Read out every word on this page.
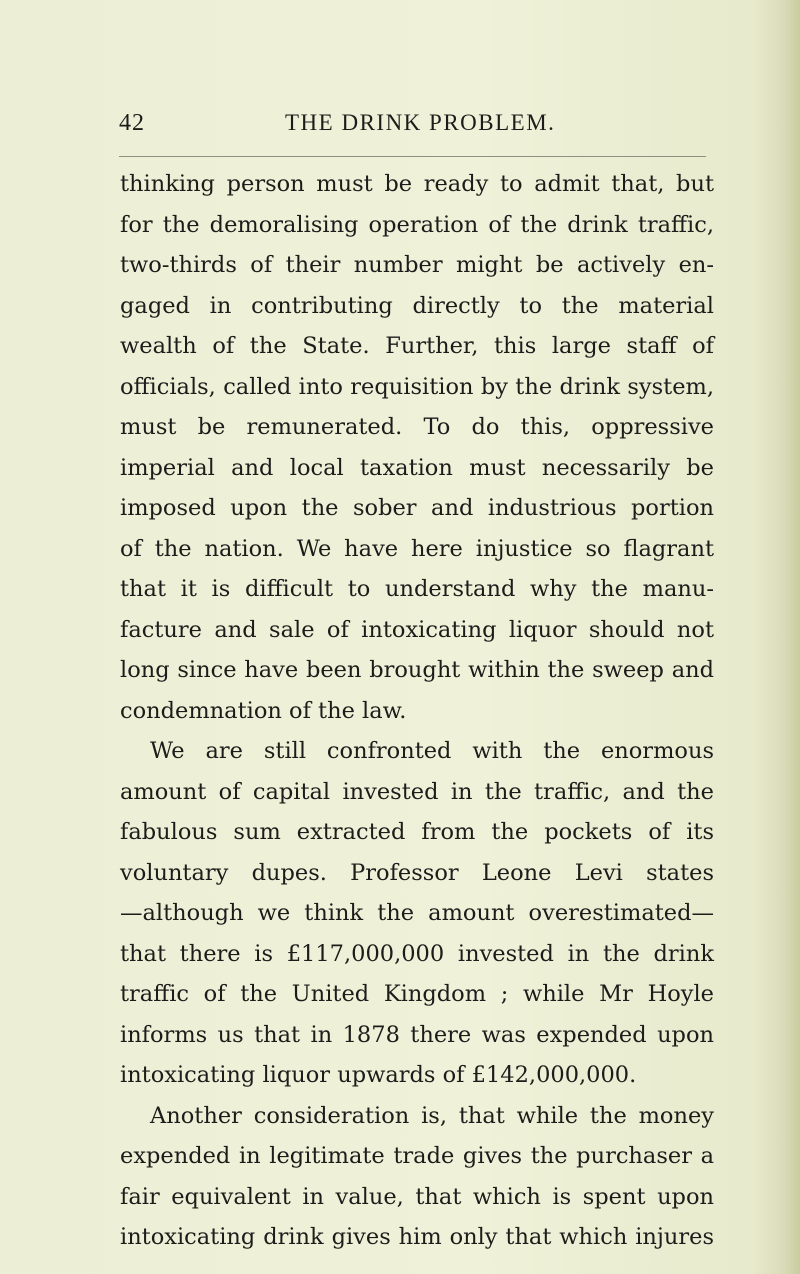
42	THE DRINK PROBLEM.
thinking person must be ready to admit that, but
for the demoralising operation of the drink traffic,
two-thirds of their number might be actively en-
gaged in contributing directly to the material
wealth of the State. Further, this large staff of
officials, called into requisition by the drink system,
must be remunerated. To do this, oppressive
imperial and local taxation must necessarily be
imposed upon the sober and industrious portion
of the nation. We have here injustice so flagrant
that it is difficult to understand why the manu-
facture and sale of intoxicating liquor should not
long since have been brought within the sweep and
condemnation of the law.
We are still confronted with the enormous
amount of capital invested in the traffic, and the
fabulous sum extracted from the pockets of its
voluntary dupes. Professor Leone Levi states
—although we think the amount overestimated—
that there is £117,000,000 invested in the drink
traffic of the United Kingdom ; while Mr Hoyle
informs us that in 1878 there was expended upon
intoxicating liquor upwards of £142,000,000.
Another consideration is, that while the money
expended in legitimate trade gives the purchaser a
fair equivalent in value, that which is spent upon
intoxicating drink gives him only that which injures
